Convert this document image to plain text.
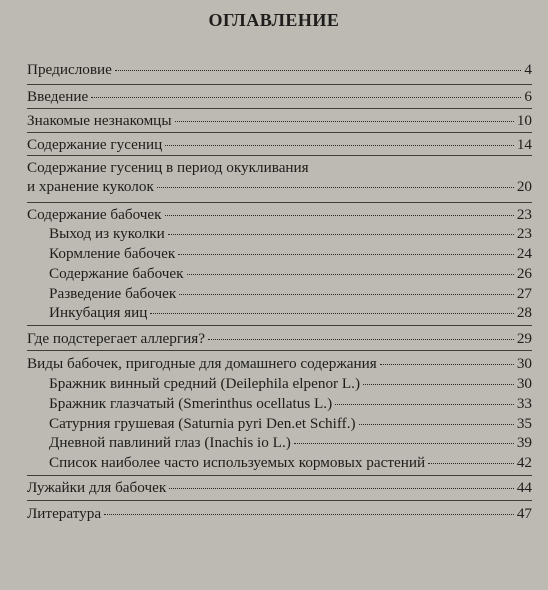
ОГЛАВЛЕНИЕ
Предисловие	4
Введение	6
Знакомые незнакомцы	10
Содержание гусениц	14
Содержание гусениц в период окукливания
и хранение куколок	20
Содержание бабочек	23
Выход из куколки	23
Кормление бабочек	24
Содержание бабочек	26
Разведение бабочек	27
Инкубация яиц	28
Где подстерегает аллергия?	29
Виды бабочек, пригодные для домашнего содержания	30
Бражник винный средний (Deilephila elpenor L.)	30
Бражник глазчатый (Smerinthus ocellatus L.)	33
Сатурния грушевая (Saturnia pyri Den.et Schiff.)	35
Дневной павлиний глаз (Inachis io L.)	39
Список наиболее часто используемых кормовых растений	42
Лужайки для бабочек	44
Литература	47
